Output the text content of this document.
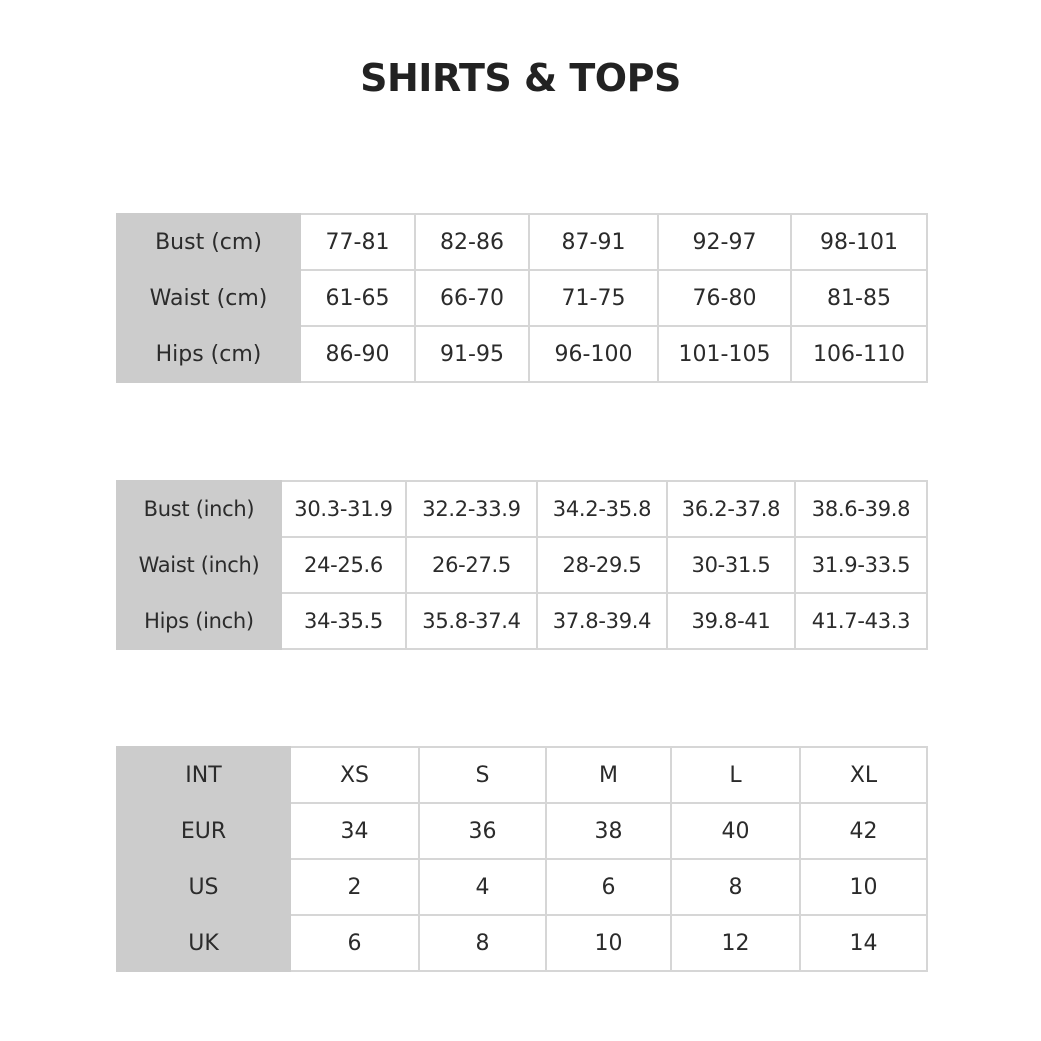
SHIRTS & TOPS
Bust (cm)	77-81	82-86	87-91	92-97	98-101
Waist (cm)	61-65	66-70	71-75	76-80	81-85
Hips (cm)	86-90	91-95	96-100	101-105	106-110
Bust (inch)	30.3-31.9	32.2-33.9	34.2-35.8	36.2-37.8	38.6-39.8
Waist (inch)	24-25.6	26-27.5	28-29.5	30-31.5	31.9-33.5
Hips (inch)	34-35.5	35.8-37.4	37.8-39.4	39.8-41	41.7-43.3
INT	XS	S	M	L	XL
EUR	34	36	38	40	42
US	2	4	6	8	10
UK	6	8	10	12	14
